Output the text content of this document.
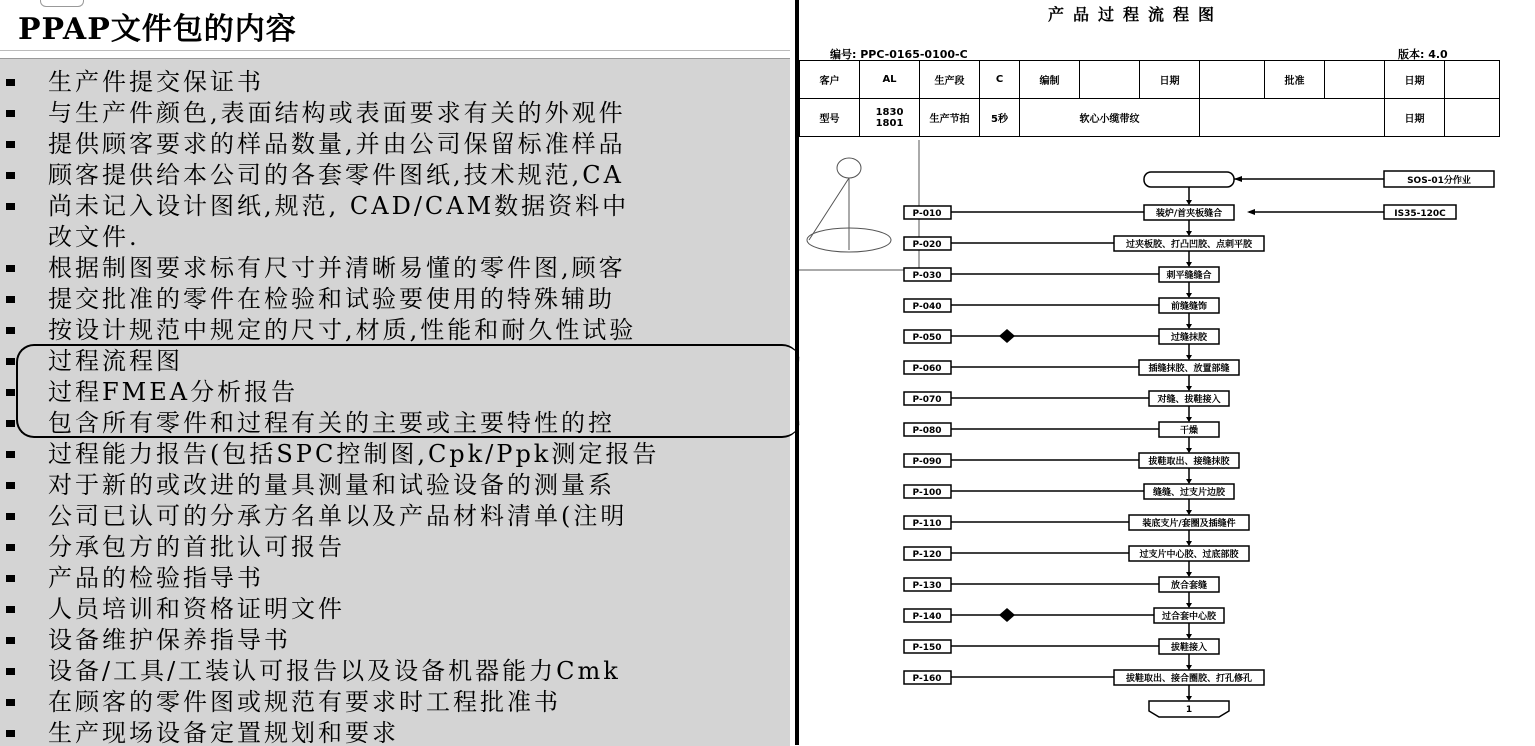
PPAP文件包的内容
生产件提交保证书
与生产件颜色,表面结构或表面要求有关的外观件
提供顾客要求的样品数量,并由公司保留标准样品
顾客提供给本公司的各套零件图纸,技术规范,CA
尚未记入设计图纸,规范, CAD/CAM数据资料中
改文件.
根据制图要求标有尺寸并清晰易懂的零件图,顾客
提交批准的零件在检验和试验要使用的特殊辅助
按设计规范中规定的尺寸,材质,性能和耐久性试验
过程流程图
过程FMEA分析报告
包含所有零件和过程有关的主要或主要特性的控
过程能力报告(包括SPC控制图,Cpk/Ppk测定报告
对于新的或改进的量具测量和试验设备的测量系
公司已认可的分承方名单以及产品材料清单(注明
分承包方的首批认可报告
产品的检验指导书
人员培训和资格证明文件
设备维护保养指导书
设备/工具/工装认可报告以及设备机器能力Cmk
在顾客的零件图或规范有要求时工程批准书
生产现场设备定置规划和要求
产品过程流程图
编号: PPC-0165-0100-C	版本: 4.0
客户	AL	生产段	C	编制		日期		批准		日期	
型号	1830 1801	生产节拍	5秒	软心小缆带纹						日期	
SOS-01分作业
装炉/首夹板缝合
P-010
过夹板胶、打凸凹胶、点刺平胶
P-020
刺平缝缝合
P-030
前缝缝饰
P-040
过缝抹胶
P-050
插缝抹胶、放置部缝
P-060
对缝、拔鞋接入
P-070
干燥
P-080
拔鞋取出、接缝抹胶
P-090
缝缝、过支片边胶
P-100
装底支片/套圈及插缝件
P-110
过支片中心胶、过底部胶
P-120
放合套缝
P-130
过合套中心胶
P-140
拔鞋接入
P-150
拔鞋取出、接合圈胶、打孔修孔
P-160
IS35-120C
1
